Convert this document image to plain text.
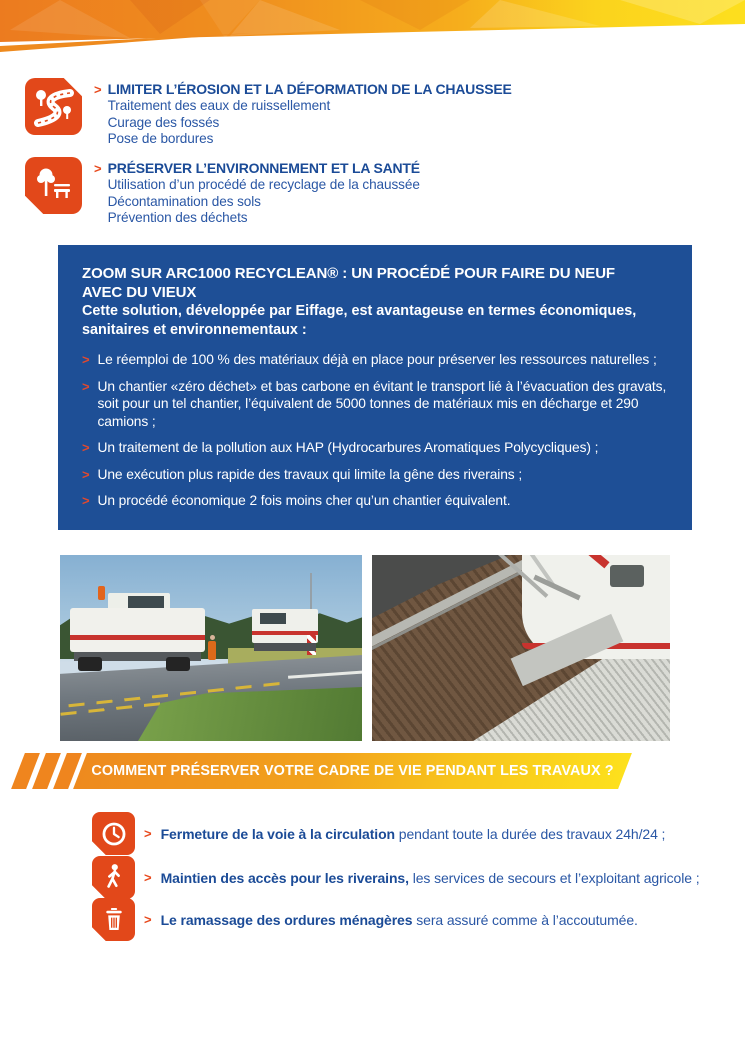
> LIMITER L’ÉROSION ET LA DÉFORMATION DE LA CHAUSSEE
Traitement des eaux de ruissellement
Curage des fossés
Pose de bordures
> PRÉSERVER L’ENVIRONNEMENT ET LA SANTÉ
Utilisation d’un procédé de recyclage de la chaussée
Décontamination des sols
Prévention des déchets
ZOOM SUR ARC1000 RECYCLEAN® : UN PROCÉDÉ POUR FAIRE DU NEUF AVEC DU VIEUX
Cette solution, développée par Eiffage, est avantageuse en termes économiques, sanitaires et environnementaux :
> Le réemploi de 100 % des matériaux déjà en place pour préserver les ressources naturelles ;
> Un chantier «zéro déchet» et bas carbone en évitant le transport lié à l’évacuation des gravats, soit pour un tel chantier, l’équivalent de 5000 tonnes de matériaux mis en décharge et 290 camions ;
> Un traitement de la pollution aux HAP (Hydrocarbures Aromatiques Polycycliques) ;
> Une exécution plus rapide des travaux qui limite la gêne des riverains ;
> Un procédé économique 2 fois moins cher qu’un chantier équivalent.
COMMENT PRÉSERVER VOTRE CADRE DE VIE PENDANT LES TRAVAUX ?
> Fermeture de la voie à la circulation pendant toute la durée des travaux 24h/24 ;
> Maintien des accès pour les riverains, les services de secours et l’exploitant agricole ;
> Le ramassage des ordures ménagères sera assuré comme à l’accoutumée.
